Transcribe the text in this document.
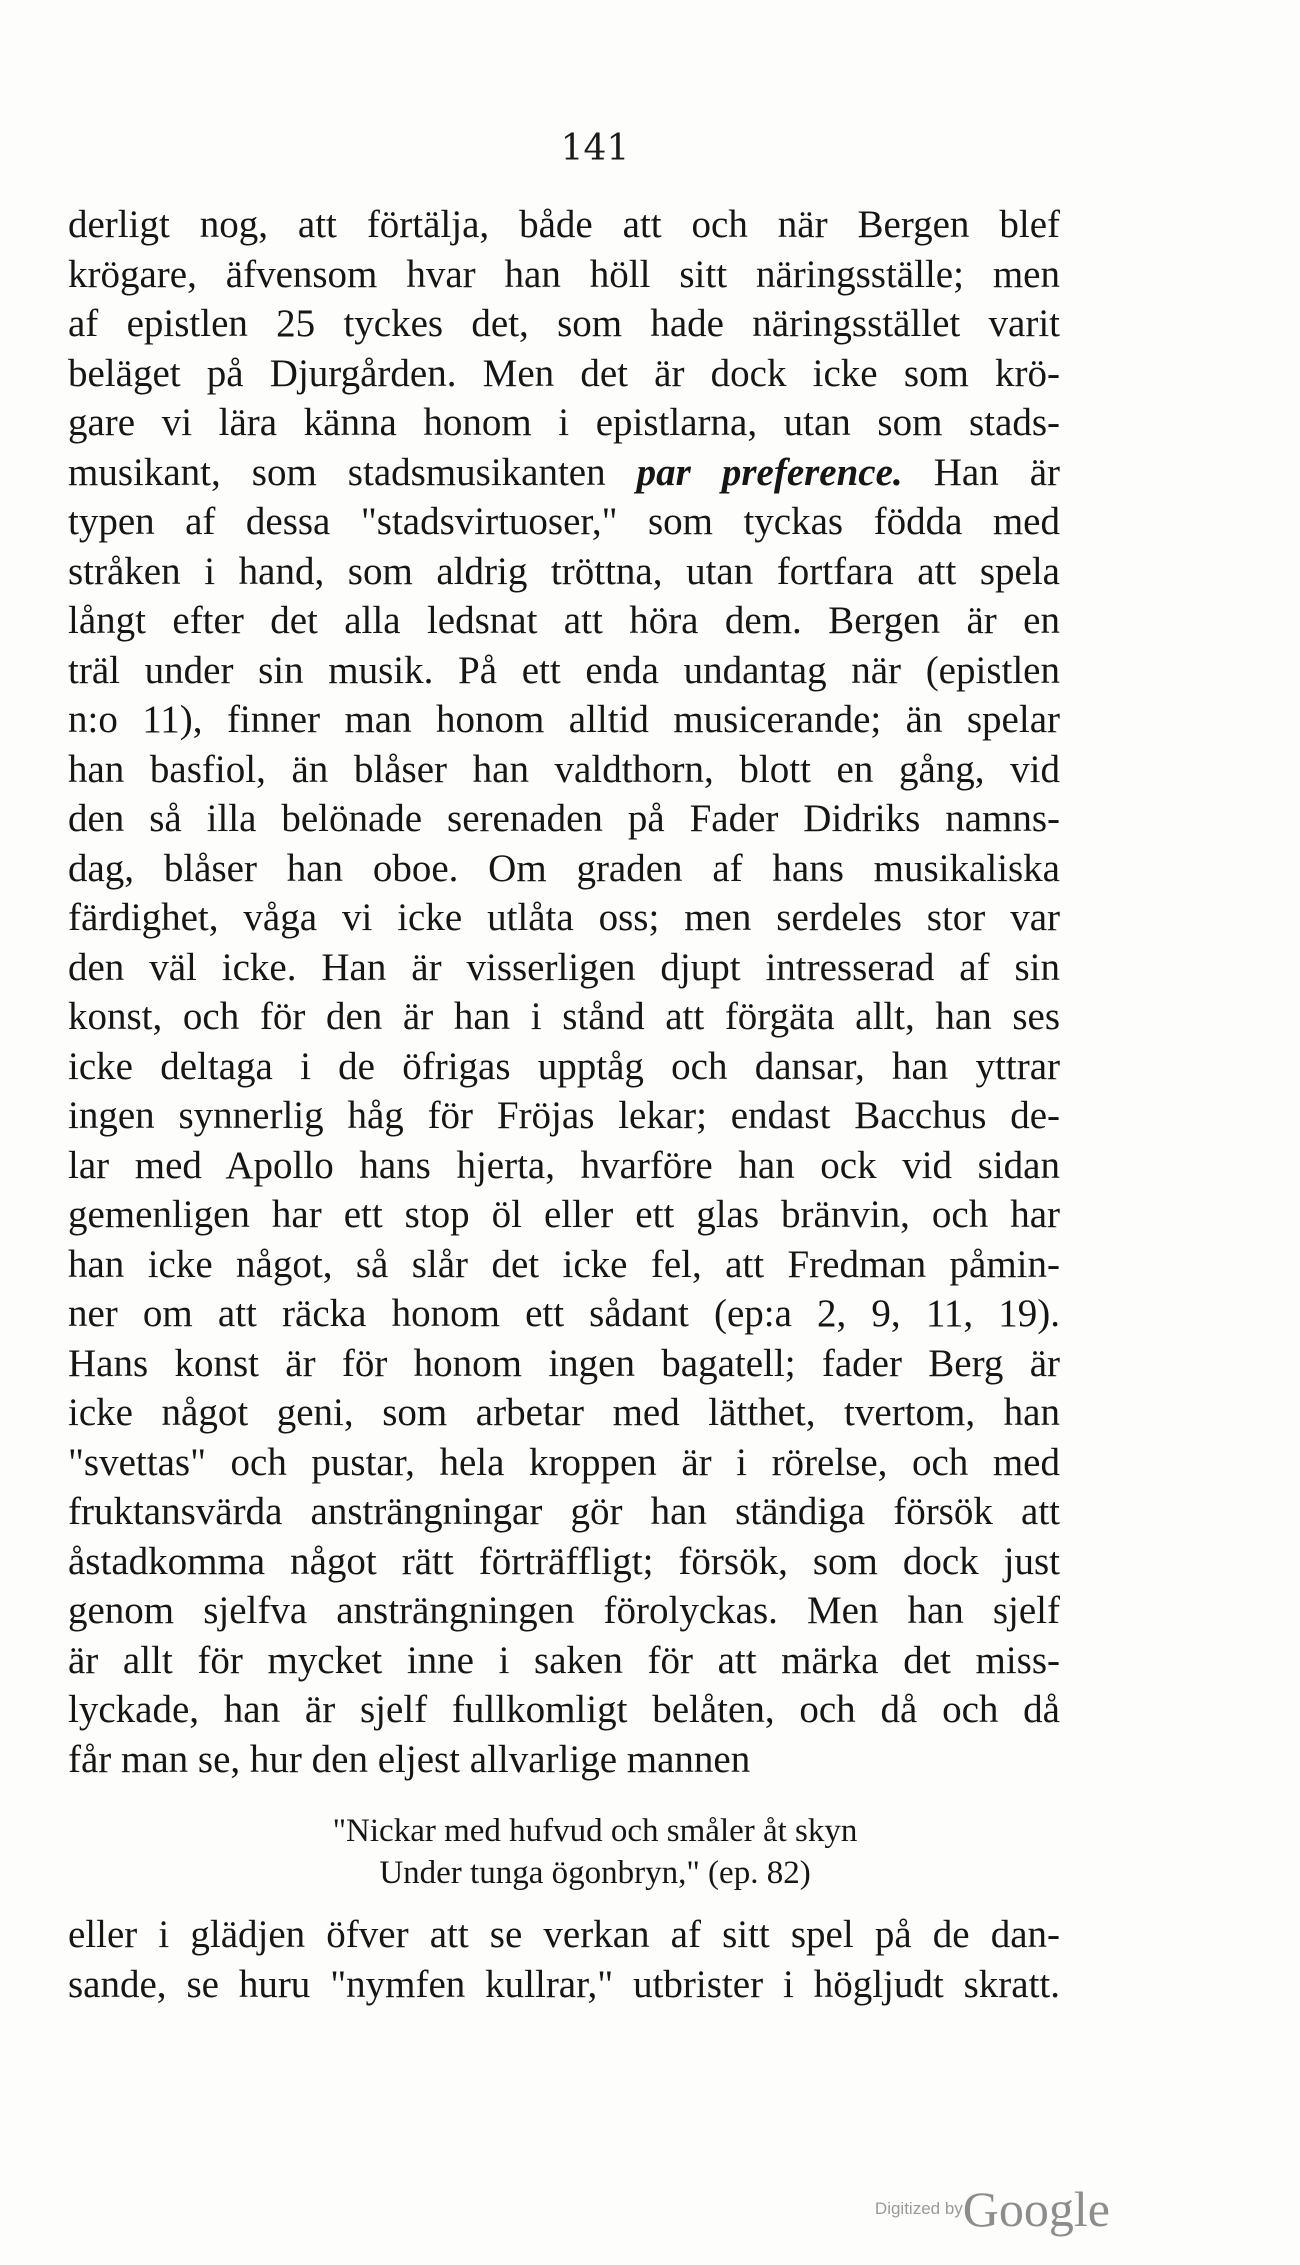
141
derligt nog, att förtälja, både att och när Bergen blef
krögare, äfvensom hvar han höll sitt näringsställe; men
af epistlen 25 tyckes det, som hade näringsstället varit
beläget på Djurgården. Men det är dock icke som krö-
gare vi lära känna honom i epistlarna, utan som stads-
musikant, som stadsmusikanten par preference. Han är
typen af dessa "stadsvirtuoser," som tyckas födda med
stråken i hand, som aldrig tröttna, utan fortfara att spela
långt efter det alla ledsnat att höra dem. Bergen är en
träl under sin musik. På ett enda undantag när (epistlen
n:o 11), finner man honom alltid musicerande; än spelar
han basfiol, än blåser han valdthorn, blott en gång, vid
den så illa belönade serenaden på Fader Didriks namns-
dag, blåser han oboe. Om graden af hans musikaliska
färdighet, våga vi icke utlåta oss; men serdeles stor var
den väl icke. Han är visserligen djupt intresserad af sin
konst, och för den är han i stånd att förgäta allt, han ses
icke deltaga i de öfrigas upptåg och dansar, han yttrar
ingen synnerlig håg för Fröjas lekar; endast Bacchus de-
lar med Apollo hans hjerta, hvarföre han ock vid sidan
gemenligen har ett stop öl eller ett glas bränvin, och har
han icke något, så slår det icke fel, att Fredman påmin-
ner om att räcka honom ett sådant (ep:a 2, 9, 11, 19).
Hans konst är för honom ingen bagatell; fader Berg är
icke något geni, som arbetar med lätthet, tvertom, han
"svettas" och pustar, hela kroppen är i rörelse, och med
fruktansvärda ansträngningar gör han ständiga försök att
åstadkomma något rätt förträffligt; försök, som dock just
genom sjelfva ansträngningen förolyckas. Men han sjelf
är allt för mycket inne i saken för att märka det miss-
lyckade, han är sjelf fullkomligt belåten, och då och då
får man se, hur den eljest allvarlige mannen
"Nickar med hufvud och småler åt skyn
Under tunga ögonbryn," (ep. 82)
eller i glädjen öfver att se verkan af sitt spel på de dan-
sande, se huru "nymfen kullrar," utbrister i högljudt skratt.
Digitized byGoogle
